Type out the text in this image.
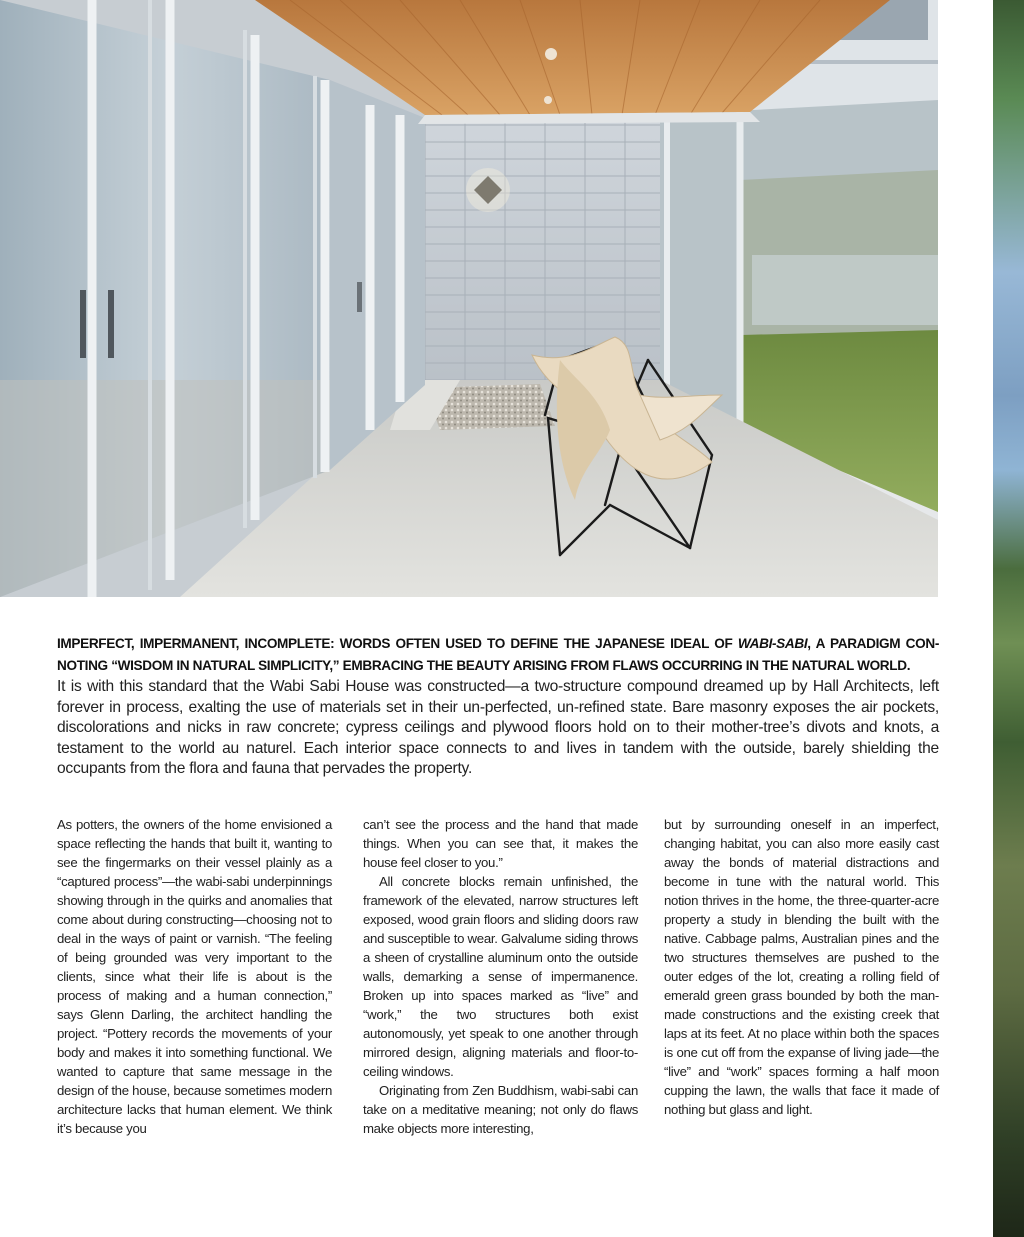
IMPERFECT, IMPERMANENT, INCOMPLETE: WORDS OFTEN USED TO DEFINE THE JAPANESE IDEAL OF WABI-SABI, A PARADIGM CON-
NOTING “WISDOM IN NATURAL SIMPLICITY,” EMBRACING THE BEAUTY ARISING FROM FLAWS OCCURRING IN THE NATURAL WORLD.

It is with this standard that the Wabi Sabi House was constructed—a two-structure compound dreamed up by Hall Architects, left forever in process, exalting the use of materials set in their un-perfected, un-refined state. Bare masonry exposes the air pockets, discolorations and nicks in raw concrete; cypress ceilings and plywood floors hold on to their mother-tree’s divots and knots, a testament to the world au naturel. Each interior space connects to and lives in tandem with the outside, barely shielding the occupants from the flora and fauna that pervades the property.

As potters, the owners of the home envisioned a space reflecting the hands that built it, wanting to see the fingermarks on their vessel plainly as a “captured process”—the wabi-sabi underpinnings showing through in the quirks and anomalies that come about during constructing—choosing not to deal in the ways of paint or varnish. “The feeling of being grounded was very important to the clients, since what their life is about is the process of making and a human connection,” says Glenn Darling, the architect handling the project. “Pottery records the movements of your body and makes it into something functional. We wanted to capture that same message in the design of the house, because sometimes modern architecture lacks that human element. We think it’s because you

can’t see the process and the hand that made things. When you can see that, it makes the house feel closer to you.”

All concrete blocks remain unfinished, the framework of the elevated, narrow structures left exposed, wood grain floors and sliding doors raw and susceptible to wear. Galvalume siding throws a sheen of crystalline aluminum onto the outside walls, demarking a sense of impermanence. Broken up into spaces marked as “live” and “work,” the two structures both exist autonomously, yet speak to one another through mirrored design, aligning materials and floor-to-ceiling windows.

Originating from Zen Buddhism, wabi-sabi can take on a meditative meaning; not only do flaws make objects more interesting,

but by surrounding oneself in an imperfect, changing habitat, you can also more easily cast away the bonds of material distractions and become in tune with the natural world. This notion thrives in the home, the three-quarter-acre property a study in blending the built with the native. Cabbage palms, Australian pines and the two structures themselves are pushed to the outer edges of the lot, creating a rolling field of emerald green grass bounded by both the man-made constructions and the existing creek that laps at its feet. At no place within both the spaces is one cut off from the expanse of living jade—the “live” and “work” spaces forming a half moon cupping the lawn, the walls that face it made of nothing but glass and light.
